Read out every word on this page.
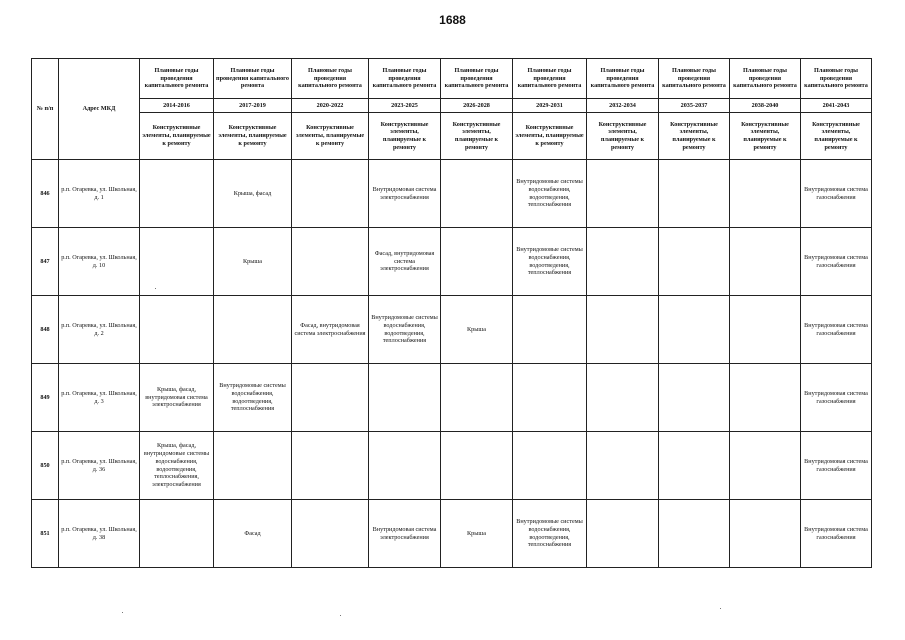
1688
№ п/п	Адрес МКД	Плановые годы проведения капитального ремонта	Плановые годы проведения капитального ремонта	Плановые годы проведения капитального ремонта	Плановые годы проведения капитального ремонта	Плановые годы проведения капитального ремонта	Плановые годы проведения капитального ремонта	Плановые годы проведения капитального ремонта	Плановые годы проведения капитального ремонта	Плановые годы проведения капитального ремонта	Плановые годы проведения капитального ремонта
		2014-2016	2017-2019	2020-2022	2023-2025	2026-2028	2029-2031	2032-2034	2035-2037	2038-2040	2041-2043
		Конструктивные элементы, планируемые к ремонту	Конструктивные элементы, планируемые к ремонту	Конструктивные элементы, планируемые к ремонту	Конструктивные элементы, планируемые к ремонту	Конструктивные элементы, планируемые к ремонту	Конструктивные элементы, планируемые к ремонту	Конструктивные элементы, планируемые к ремонту	Конструктивные элементы, планируемые к ремонту	Конструктивные элементы, планируемые к ремонту	Конструктивные элементы, планируемые к ремонту
846	р.п. Огаревка, ул. Школьная, д. 1		Крыша, фасад		Внутридомовая система электроснабжения		Внутридомовые системы водоснабжения, водоотведения, теплоснабжения				Внутридомовая система газоснабжения
847	р.п. Огаревка, ул. Школьная, д. 10		Крыша		Фасад, внутридомовая система электроснабжения		Внутридомовые системы водоснабжения, водоотведения, теплоснабжения				Внутридомовая система газоснабжения
848	р.п. Огаревка, ул. Школьная, д. 2			Фасад, внутридомовая система электроснабжения	Внутридомовые системы водоснабжения, водоотведения, теплоснабжения	Крыша					Внутридомовая система газоснабжения
849	р.п. Огаревка, ул. Школьная, д. 3	Крыша, фасад, внутридомовая система электроснабжения	Внутридомовые системы водоснабжения, водоотведения, теплоснабжения								Внутридомовая система газоснабжения
850	р.п. Огаревка, ул. Школьная, д. 36	Крыша, фасад, внутридомовые системы водоснабжения, водоотведения, теплоснабжения, электроснабжения									Внутридомовая система газоснабжения
851	р.п. Огаревка, ул. Школьная, д. 38		Фасад		Внутридомовая система электроснабжения	Крыша	Внутридомовые системы водоснабжения, водоотведения, теплоснабжения				Внутридомовая система газоснабжения
